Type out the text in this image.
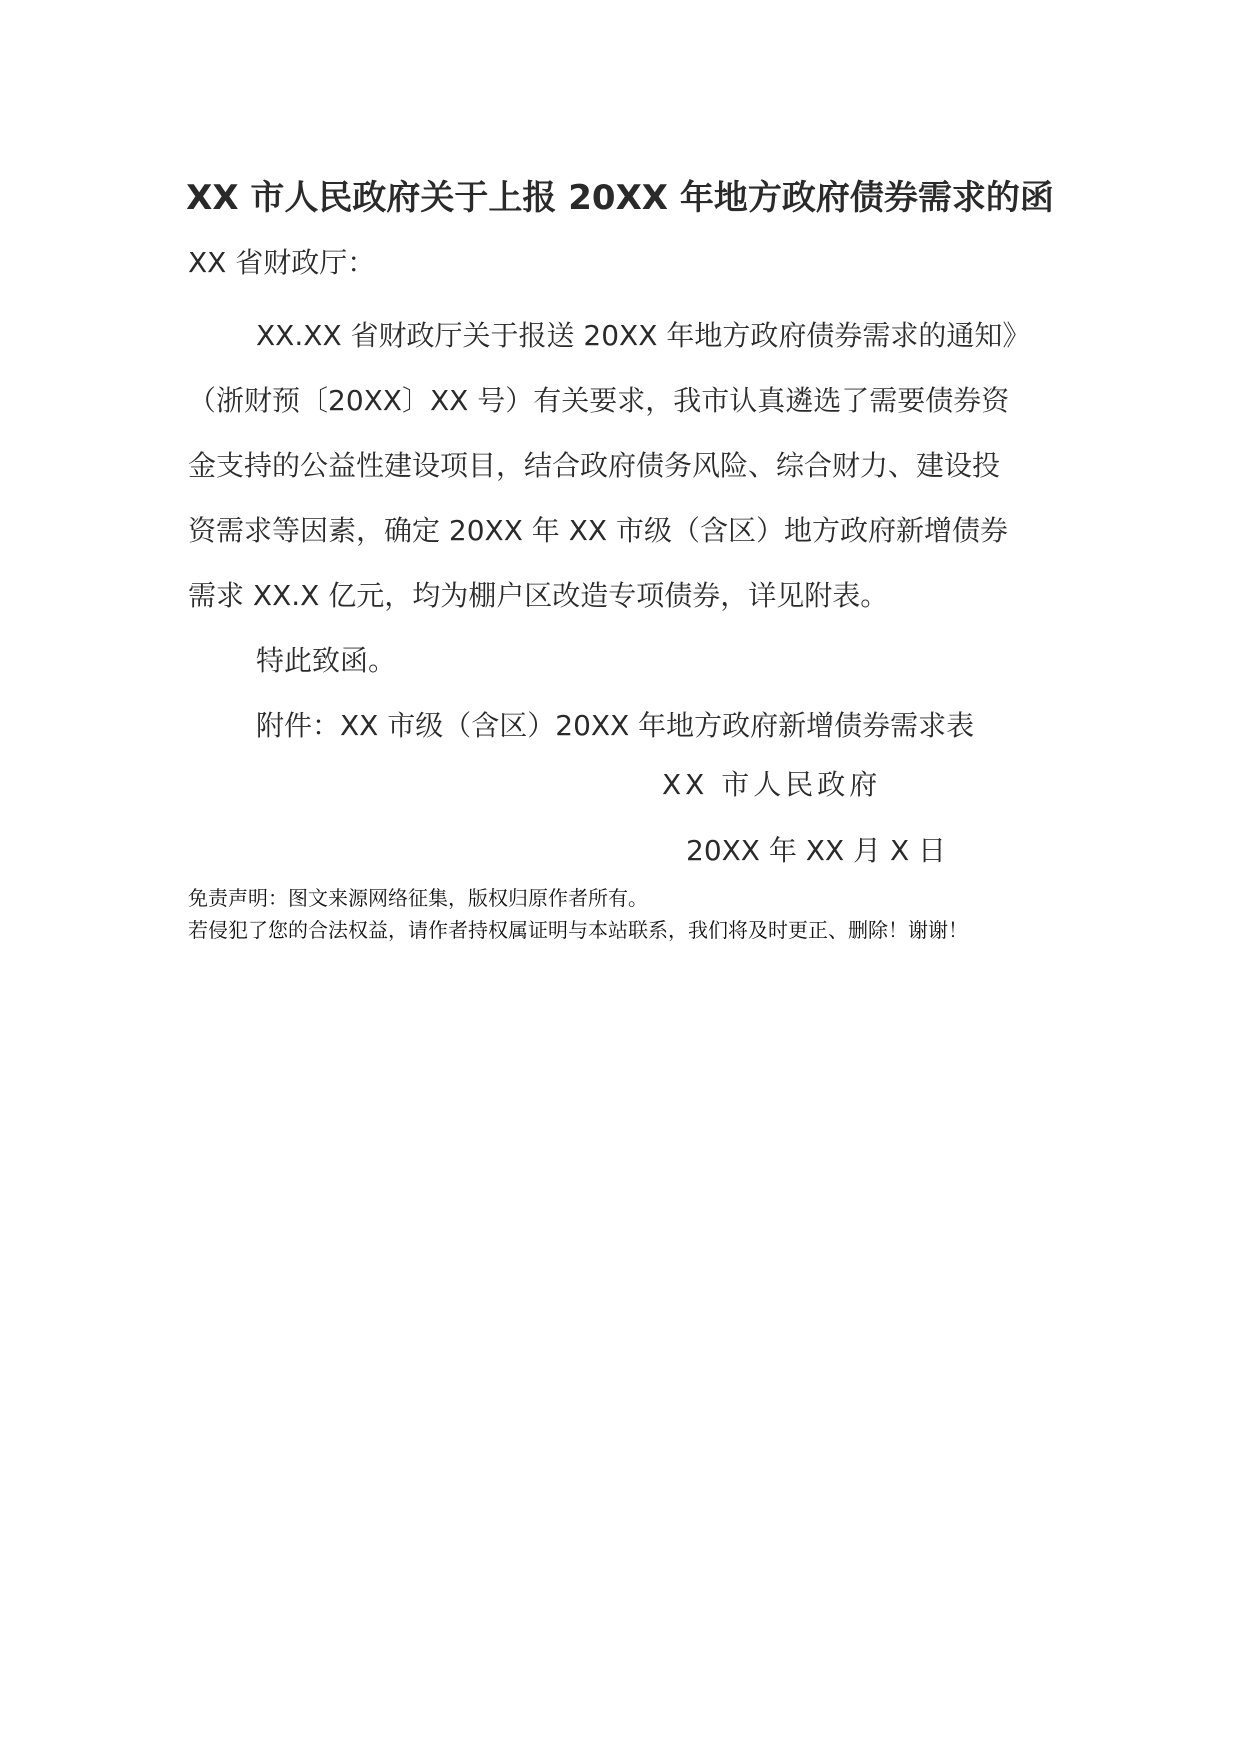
XX 市人民政府关于上报 20XX 年地方政府债券需求的函
XX 省财政厅：
XX.XX 省财政厅关于报送 20XX 年地方政府债券需求的通知》
（浙财预〔20XX〕XX 号）有关要求，我市认真遴选了需要债券资
金支持的公益性建设项目，结合政府债务风险、综合财力、建设投
资需求等因素，确定 20XX 年 XX 市级（含区）地方政府新增债券
需求 XX.X 亿元，均为棚户区改造专项债券，详见附表。
特此致函。
附件：XX 市级（含区）20XX 年地方政府新增债券需求表
XX 市人民政府
20XX 年 XX 月 X 日
免责声明：图文来源网络征集，版权归原作者所有。
若侵犯了您的合法权益，请作者持权属证明与本站联系，我们将及时更正、删除！谢谢！
